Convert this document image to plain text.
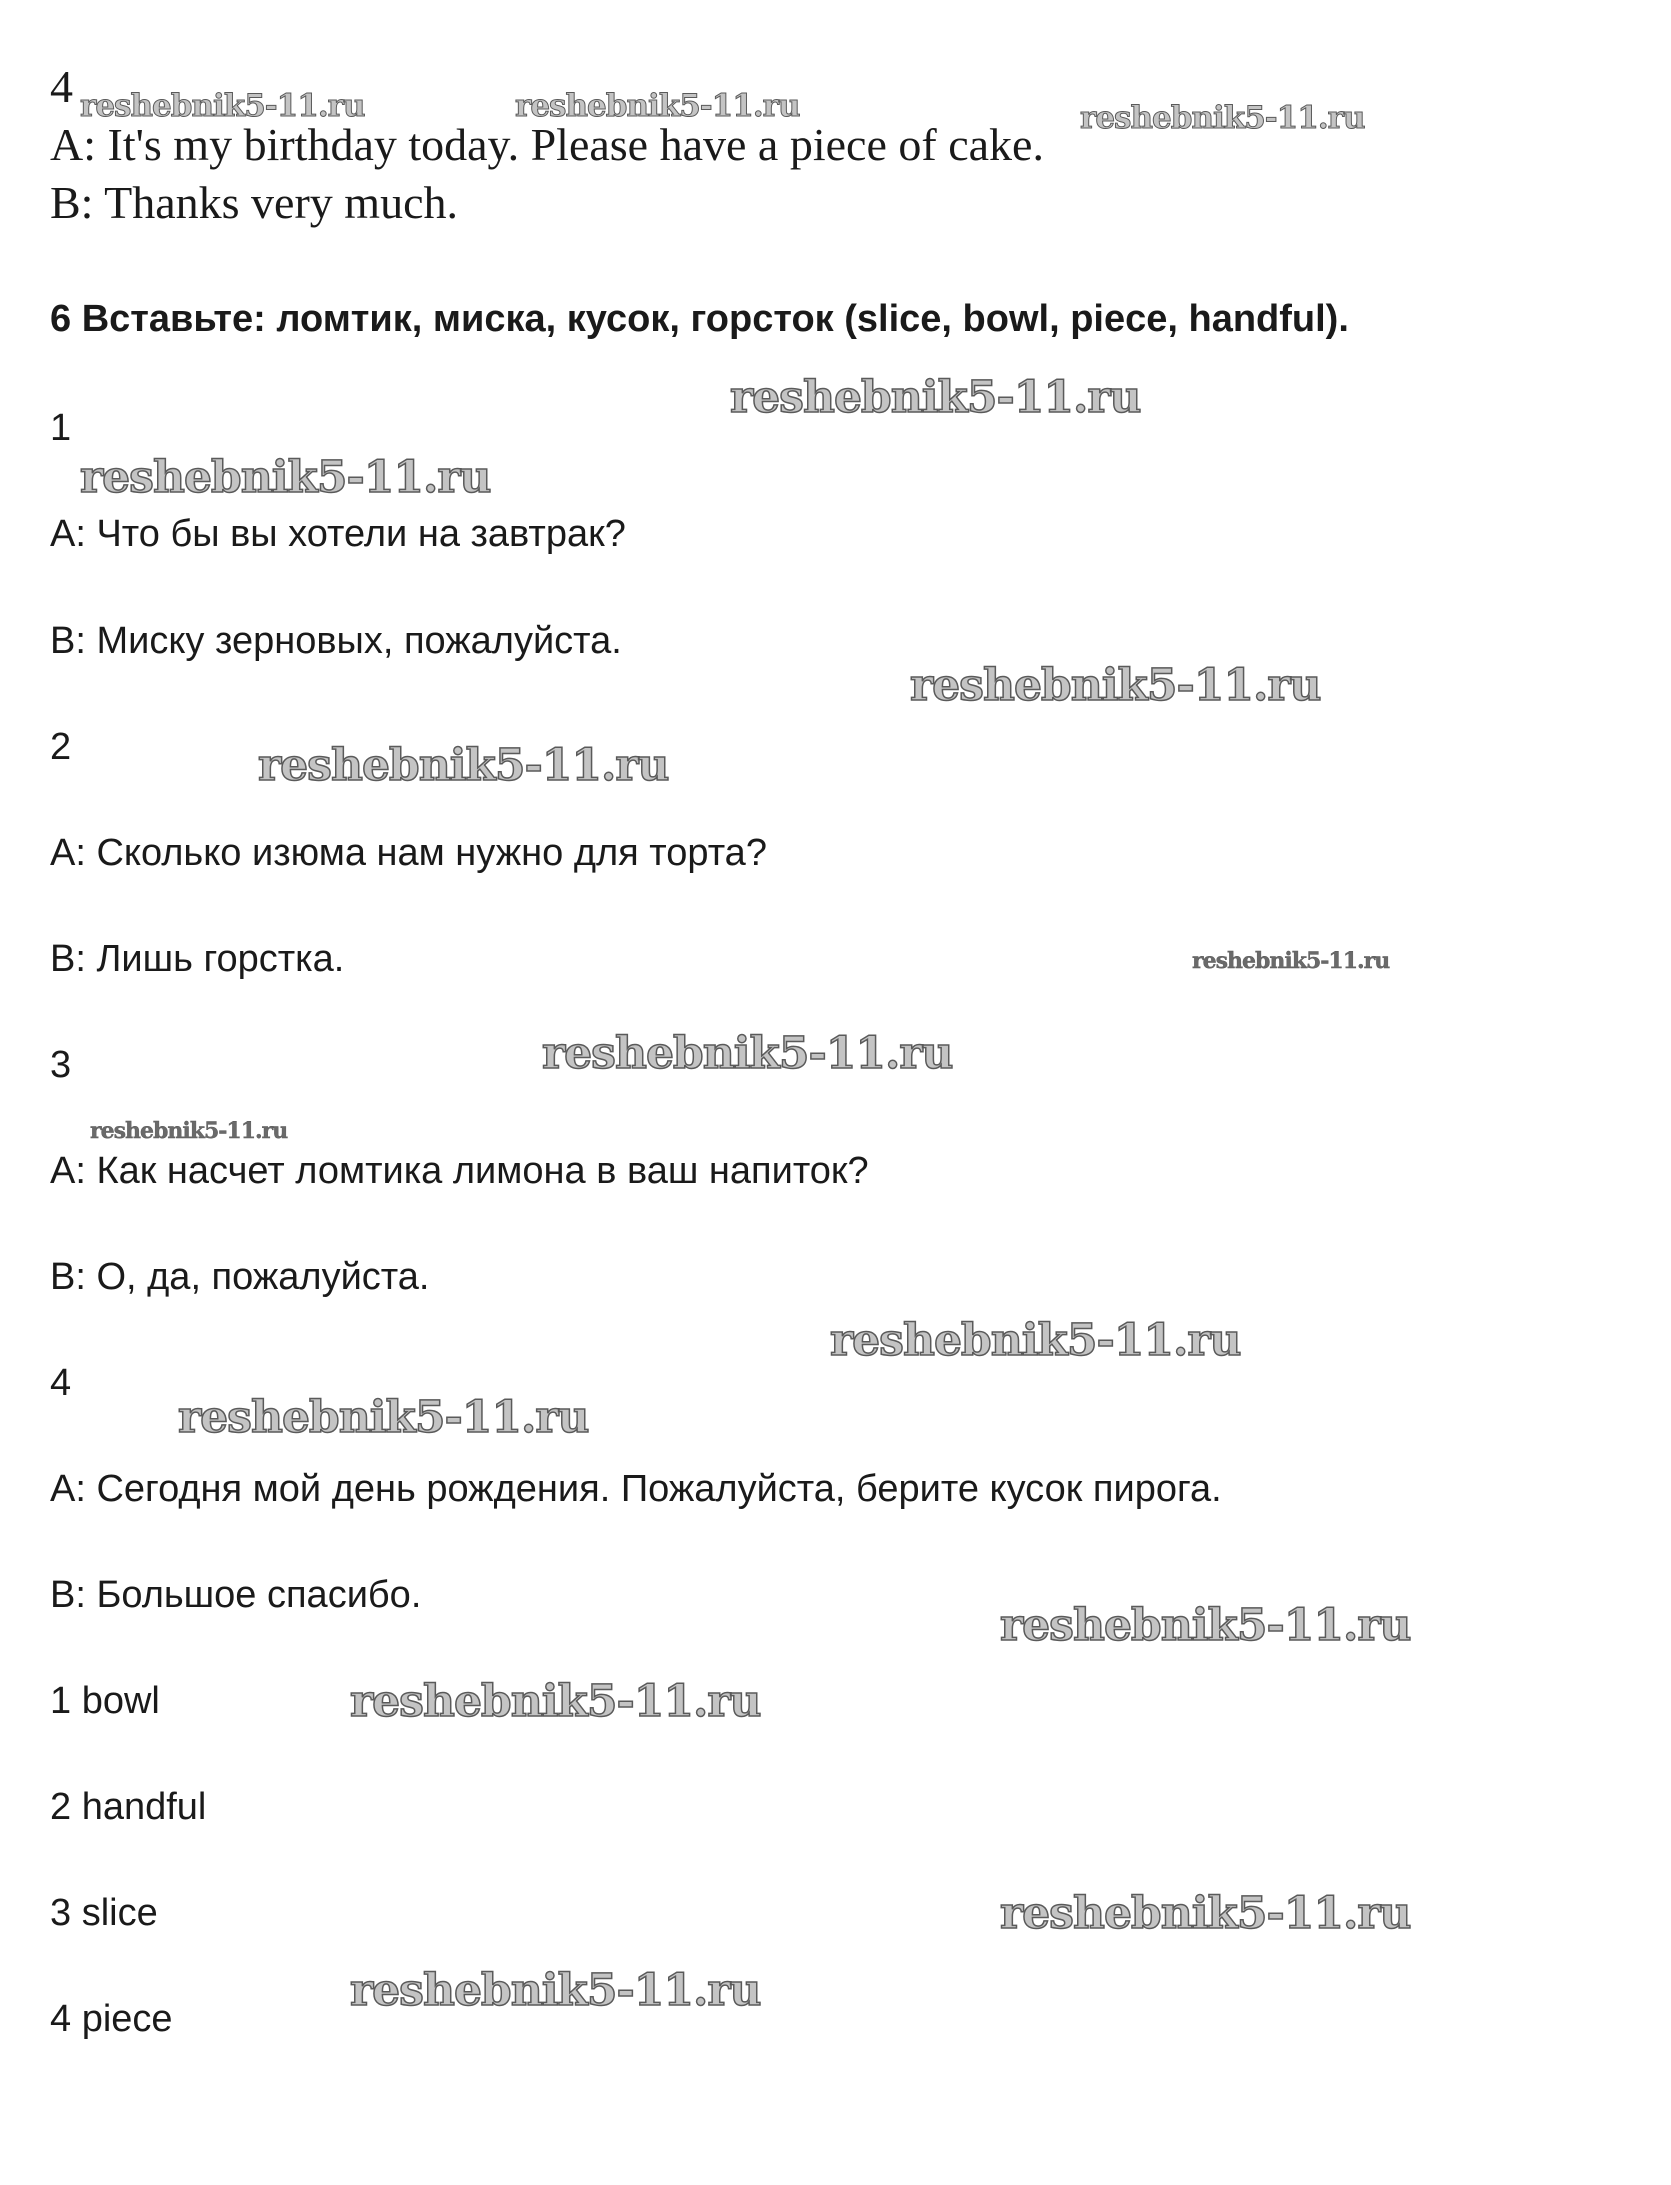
4
A: It's my birthday today. Please have a piece of cake.
B: Thanks very much.
6 Вставьте: ломтик, миска, кусок, горсток (slice, bowl, piece, handful).
1
A: Что бы вы хотели на завтрак?
B: Миску зерновых, пожалуйста.
2
A: Сколько изюма нам нужно для торта?
B: Лишь горстка.
3
A: Как насчет ломтика лимона в ваш напиток?
B: О, да, пожалуйста.
4
A: Сегодня мой день рождения. Пожалуйста, берите кусок пирога.
B: Большое спасибо.
1 bowl
2 handful
3 slice
4 piece
reshebnik5-11.ru	reshebnik5-11.ru	reshebnik5-11.ru
reshebnik5-11.ru
reshebnik5-11.ru
reshebnik5-11.ru
reshebnik5-11.ru
reshebnik5-11.ru
reshebnik5-11.ru
reshebnik5-11.ru
reshebnik5-11.ru
reshebnik5-11.ru
reshebnik5-11.ru
reshebnik5-11.ru
reshebnik5-11.ru
reshebnik5-11.ru
